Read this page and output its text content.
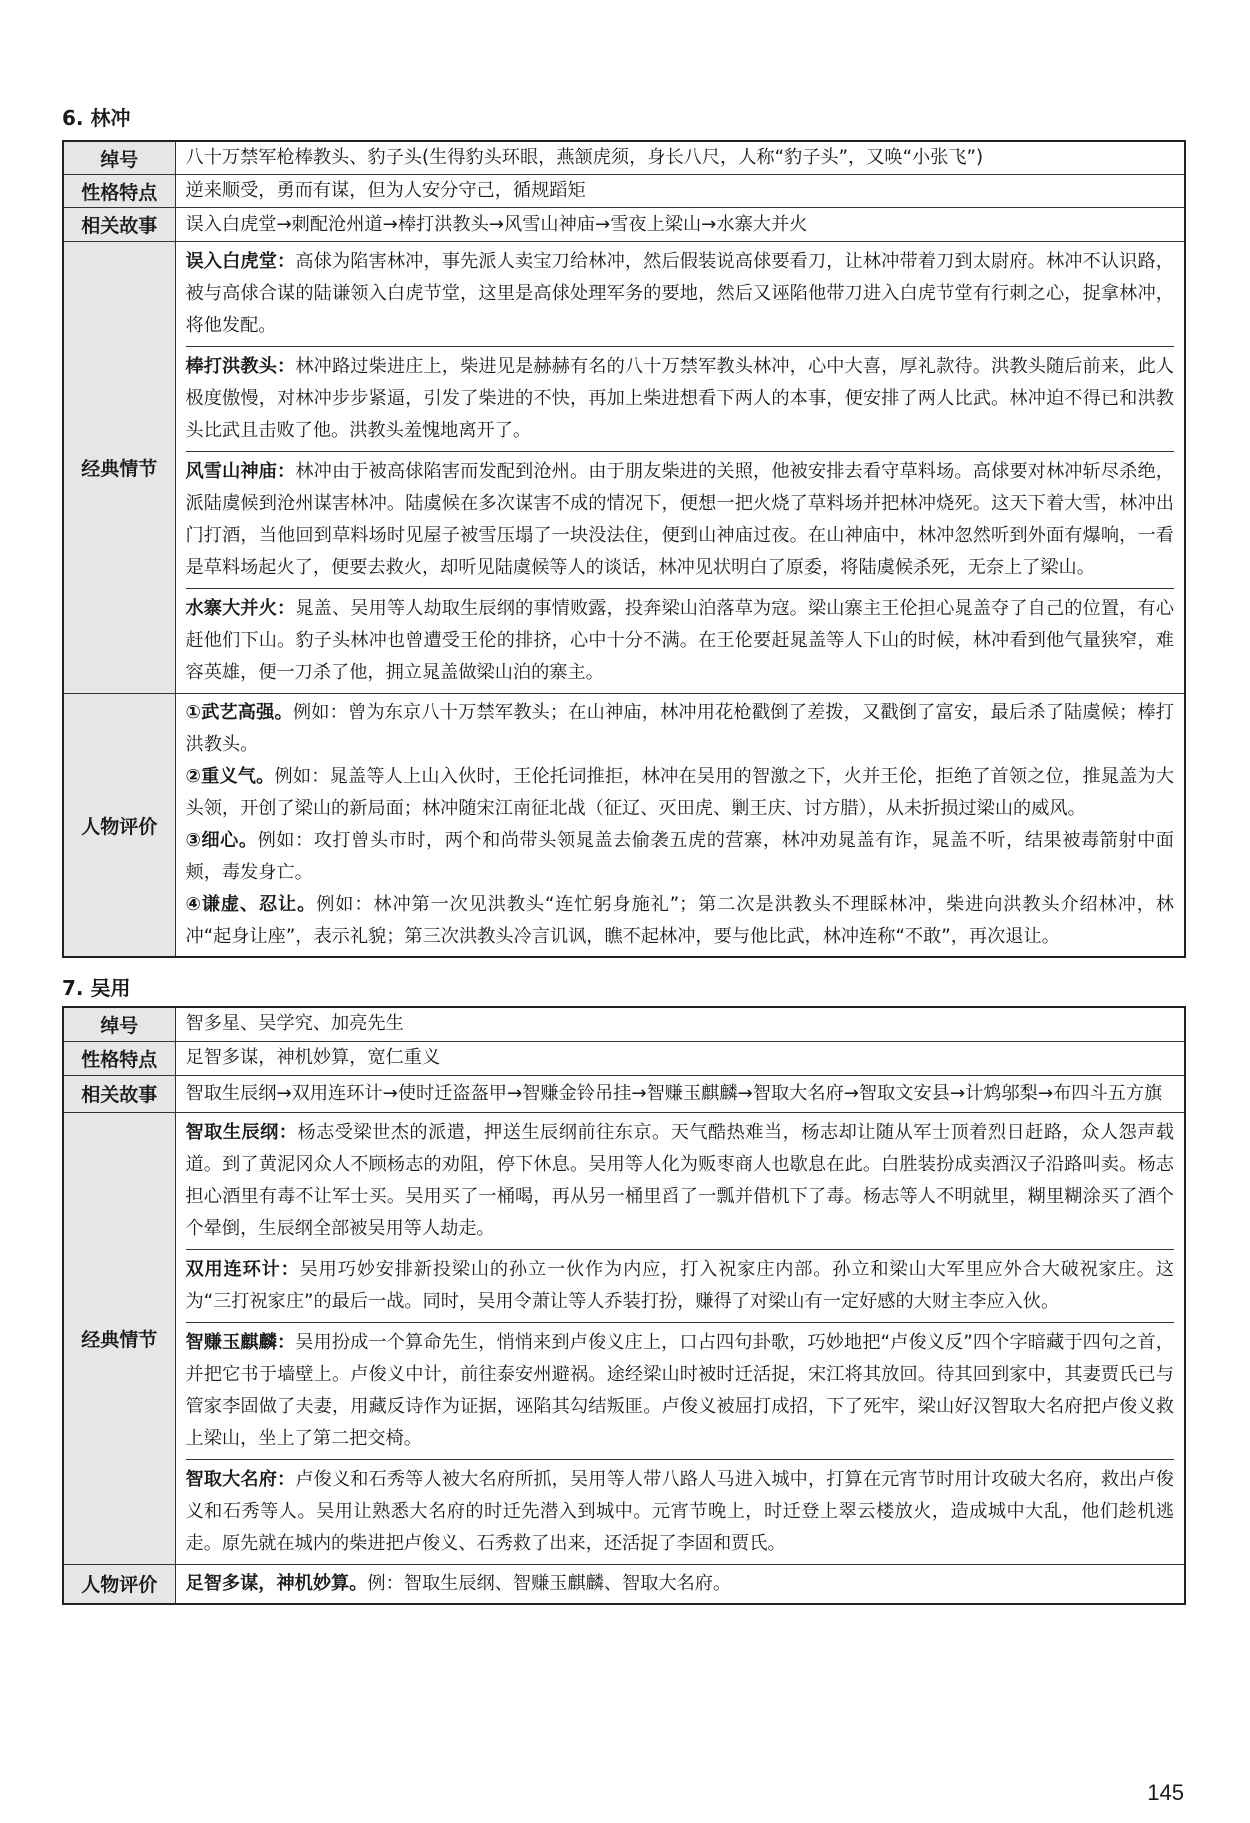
6. 林冲
绰号	八十万禁军枪棒教头、豹子头(生得豹头环眼，燕颔虎须，身长八尺，人称“豹子头”，又唤“小张飞”)
性格特点	逆来顺受，勇而有谋，但为人安分守己，循规蹈矩
相关故事	误入白虎堂→刺配沧州道→棒打洪教头→风雪山神庙→雪夜上梁山→水寨大并火
经典情节	误入白虎堂：高俅为陷害林冲，事先派人卖宝刀给林冲，然后假装说高俅要看刀，让林冲带着刀到太尉府。林冲不认识路，被与高俅合谋的陆谦领入白虎节堂，这里是高俅处理军务的要地，然后又诬陷他带刀进入白虎节堂有行刺之心，捉拿林冲，将他发配。
棒打洪教头：林冲路过柴进庄上，柴进见是赫赫有名的八十万禁军教头林冲，心中大喜，厚礼款待。洪教头随后前来，此人极度傲慢，对林冲步步紧逼，引发了柴进的不快，再加上柴进想看下两人的本事，便安排了两人比武。林冲迫不得已和洪教头比武且击败了他。洪教头羞愧地离开了。
风雪山神庙：林冲由于被高俅陷害而发配到沧州。由于朋友柴进的关照，他被安排去看守草料场。高俅要对林冲斩尽杀绝，派陆虞候到沧州谋害林冲。陆虞候在多次谋害不成的情况下，便想一把火烧了草料场并把林冲烧死。这天下着大雪，林冲出门打酒，当他回到草料场时见屋子被雪压塌了一块没法住，便到山神庙过夜。在山神庙中，林冲忽然听到外面有爆响，一看是草料场起火了，便要去救火，却听见陆虞候等人的谈话，林冲见状明白了原委，将陆虞候杀死，无奈上了梁山。
水寨大并火：晁盖、吴用等人劫取生辰纲的事情败露，投奔梁山泊落草为寇。梁山寨主王伦担心晁盖夺了自己的位置，有心赶他们下山。豹子头林冲也曾遭受王伦的排挤，心中十分不满。在王伦要赶晁盖等人下山的时候，林冲看到他气量狭窄，难容英雄，便一刀杀了他，拥立晁盖做梁山泊的寨主。

人物评价	①武艺高强。例如：曾为东京八十万禁军教头；在山神庙，林冲用花枪戳倒了差拨，又戳倒了富安，最后杀了陆虞候；棒打洪教头。
②重义气。例如：晁盖等人上山入伙时，王伦托词推拒，林冲在吴用的智激之下，火并王伦，拒绝了首领之位，推晁盖为大头领，开创了梁山的新局面；林冲随宋江南征北战（征辽、灭田虎、剿王庆、讨方腊），从未折损过梁山的威风。
③细心。例如：攻打曾头市时，两个和尚带头领晁盖去偷袭五虎的营寨，林冲劝晁盖有诈，晁盖不听，结果被毒箭射中面颊，毒发身亡。
④谦虚、忍让。例如：林冲第一次见洪教头“连忙躬身施礼”；第二次是洪教头不理睬林冲，柴进向洪教头介绍林冲，林冲“起身让座”，表示礼貌；第三次洪教头冷言讥讽，瞧不起林冲，要与他比武，林冲连称“不敢”，再次退让。
7. 吴用
绰号	智多星、吴学究、加亮先生
性格特点	足智多谋，神机妙算，宽仁重义
相关故事	智取生辰纲→双用连环计→使时迁盗盔甲→智赚金铃吊挂→智赚玉麒麟→智取大名府→智取文安县→计鸩邬梨→布四斗五方旗
经典情节	智取生辰纲：杨志受梁世杰的派遣，押送生辰纲前往东京。天气酷热难当，杨志却让随从军士顶着烈日赶路，众人怨声载道。到了黄泥冈众人不顾杨志的劝阻，停下休息。吴用等人化为贩枣商人也歇息在此。白胜装扮成卖酒汉子沿路叫卖。杨志担心酒里有毒不让军士买。吴用买了一桶喝，再从另一桶里舀了一瓢并借机下了毒。杨志等人不明就里，糊里糊涂买了酒个个晕倒，生辰纲全部被吴用等人劫走。
双用连环计：吴用巧妙安排新投梁山的孙立一伙作为内应，打入祝家庄内部。孙立和梁山大军里应外合大破祝家庄。这为“三打祝家庄”的最后一战。同时，吴用令萧让等人乔装打扮，赚得了对梁山有一定好感的大财主李应入伙。
智赚玉麒麟：吴用扮成一个算命先生，悄悄来到卢俊义庄上，口占四句卦歌，巧妙地把“卢俊义反”四个字暗藏于四句之首，并把它书于墙壁上。卢俊义中计，前往泰安州避祸。途经梁山时被时迁活捉，宋江将其放回。待其回到家中，其妻贾氏已与管家李固做了夫妻，用藏反诗作为证据，诬陷其勾结叛匪。卢俊义被屈打成招，下了死牢，梁山好汉智取大名府把卢俊义救上梁山，坐上了第二把交椅。
智取大名府：卢俊义和石秀等人被大名府所抓，吴用等人带八路人马进入城中，打算在元宵节时用计攻破大名府，救出卢俊义和石秀等人。吴用让熟悉大名府的时迁先潜入到城中。元宵节晚上，时迁登上翠云楼放火，造成城中大乱，他们趁机逃走。原先就在城内的柴进把卢俊义、石秀救了出来，还活捉了李固和贾氏。

人物评价	足智多谋，神机妙算。例：智取生辰纲、智赚玉麒麟、智取大名府。
145
